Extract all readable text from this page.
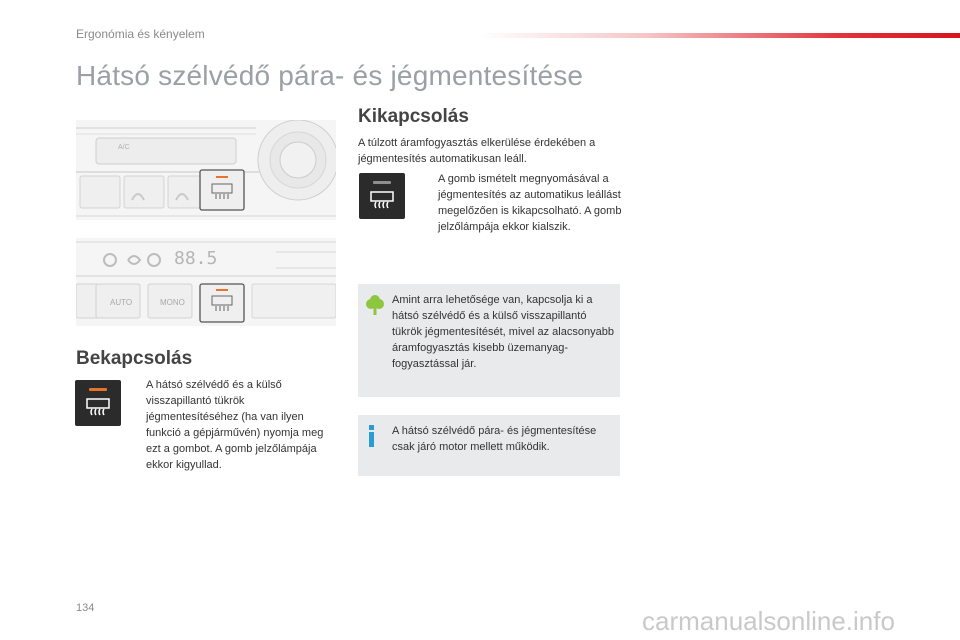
Ergonómia és kényelem
Hátsó szélvédő pára- és jégmentesítése
A/C
88.5
AUTO	MONO
Bekapcsolás
A hátsó szélvédő és a külső visszapillantó tükrök jégmentesítéséhez (ha van ilyen funkció a gépjárművén) nyomja meg ezt a gombot. A gomb jelzőlámpája ekkor kigyullad.
Kikapcsolás
A túlzott áramfogyasztás elkerülése érdekében a jégmentesítés automatikusan leáll.
A gomb ismételt megnyomásával a jégmentesítés az automatikus leállást megelőzően is kikapcsolható. A gomb jelzőlámpája ekkor kialszik.
Amint arra lehetősége van, kapcsolja ki a hátsó szélvédő és a külső visszapillantó tükrök jégmentesítését, mivel az alacsonyabb áramfogyasztás kisebb üzemanyag-fogyasztással jár.
A hátsó szélvédő pára- és jégmentesítése csak járó motor mellett működik.
134	carmanualsonline.info
